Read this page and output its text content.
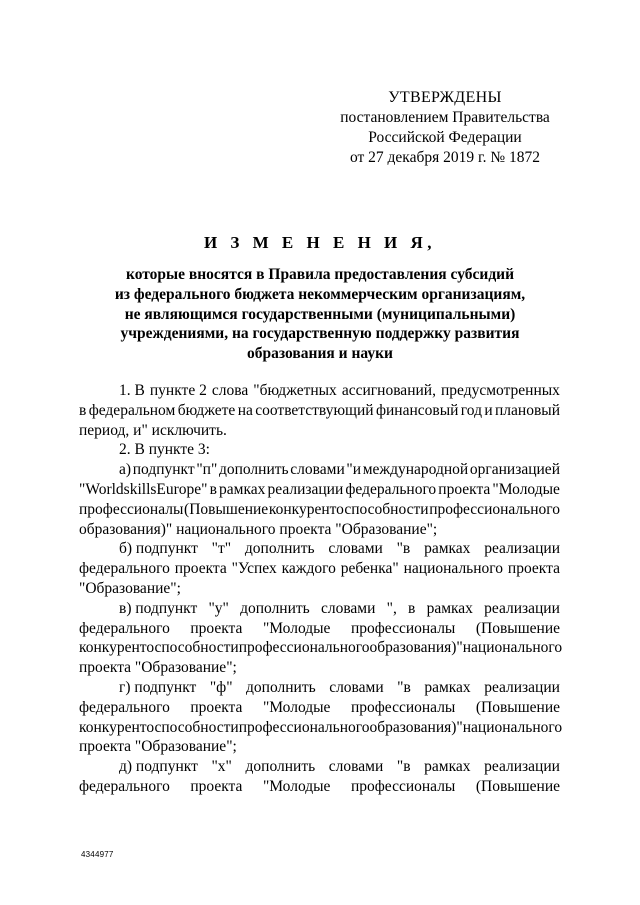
УТВЕРЖДЕНЫ
постановлением Правительства
Российской Федерации
от 27 декабря 2019 г. № 1872
И З М Е Н Е Н И Я,
которые вносятся в Правила предоставления субсидий
из федерального бюджета некоммерческим организациям,
не являющимся государственными (муниципальными)
учреждениями, на государственную поддержку развития
образования и науки
1. В пункте 2 слова "бюджетных ассигнований, предусмотренных
в федеральном бюджете на соответствующий финансовый год и плановый
период, и" исключить.
2. В пункте 3:
а) подпункт "п" дополнить словами "и международной организацией
"WorldskillsEurope" в рамках реализации федерального проекта "Молодые
профессионалы (Повышение конкурентоспособности профессионального
образования)" национального проекта "Образование";
б) подпункт "т" дополнить словами "в рамках реализации
федерального проекта "Успех каждого ребенка" национального проекта
"Образование";
в) подпункт "у" дополнить словами ", в рамках реализации
федерального проекта "Молодые профессионалы (Повышение
конкурентоспособности профессионального образования)" национального
проекта "Образование";
г) подпункт "ф" дополнить словами "в рамках реализации
федерального проекта "Молодые профессионалы (Повышение
конкурентоспособности профессионального образования)" национального
проекта "Образование";
д) подпункт "х" дополнить словами "в рамках реализации
федерального проекта "Молодые профессионалы (Повышение
4344977
